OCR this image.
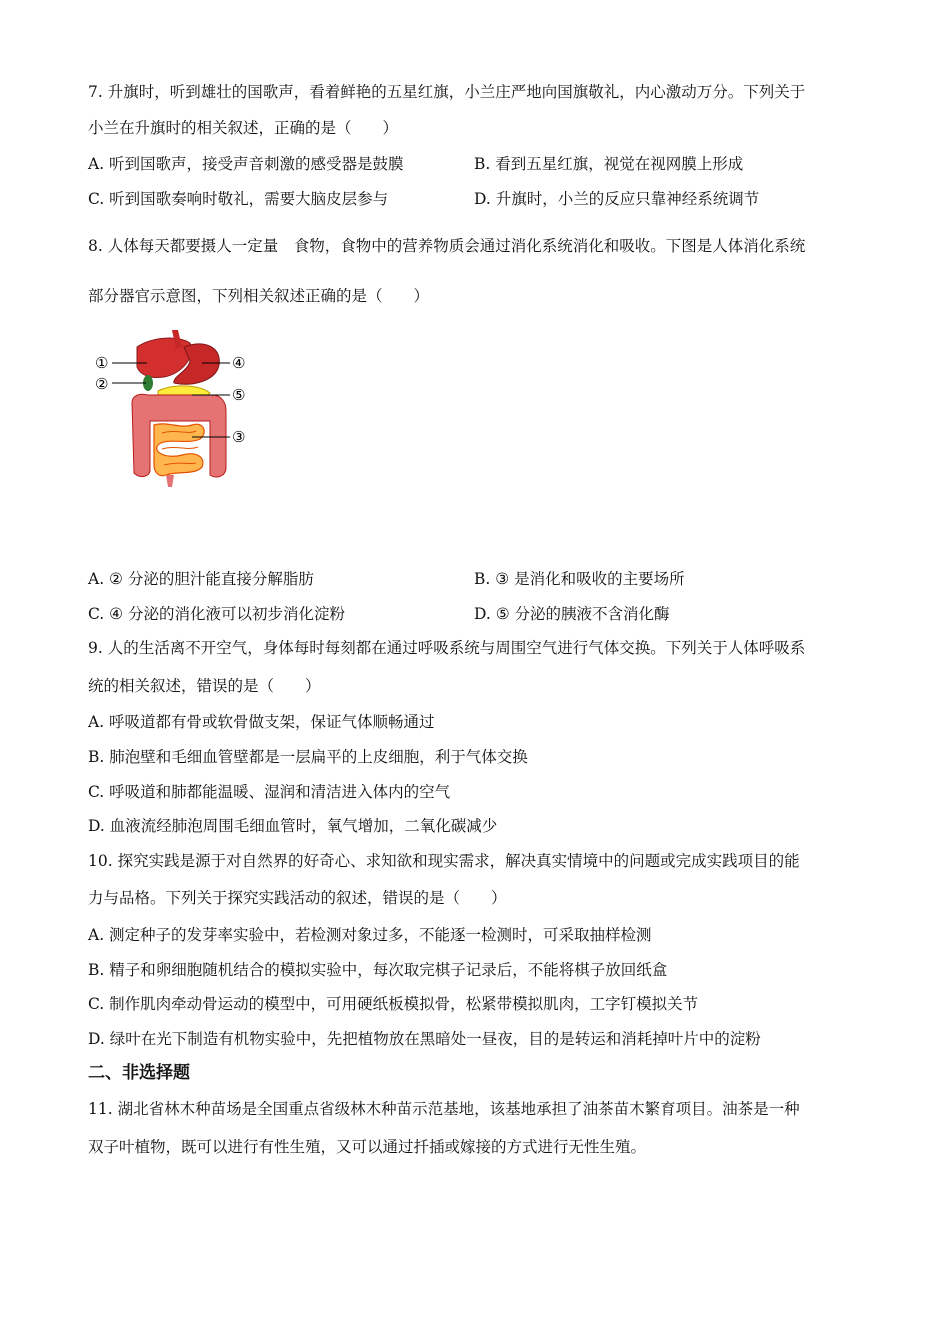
7. 升旗时，听到雄壮的国歌声，看着鲜艳的五星红旗，小兰庄严地向国旗敬礼，内心激动万分。下列关于
小兰在升旗时的相关叙述，正确的是（　　）
A. 听到国歌声，接受声音刺激的感受器是鼓膜	B. 看到五星红旗，视觉在视网膜上形成
C. 听到国歌奏响时敬礼，需要大脑皮层参与	D. 升旗时，小兰的反应只靠神经系统调节
8. 人体每天都要摄人一定量　食物，食物中的营养物质会通过消化系统消化和吸收。下图是人体消化系统
部分器官示意图，下列相关叙述正确的是（　　）
①
②
③
④
⑤
A. ② 分泌的胆汁能直接分解脂肪	B. ③ 是消化和吸收的主要场所
C. ④ 分泌的消化液可以初步消化淀粉	D. ⑤ 分泌的胰液不含消化酶
9. 人的生活离不开空气，身体每时每刻都在通过呼吸系统与周围空气进行气体交换。下列关于人体呼吸系
统的相关叙述，错误的是（　　）
A. 呼吸道都有骨或软骨做支架，保证气体顺畅通过
B. 肺泡壁和毛细血管壁都是一层扁平的上皮细胞，利于气体交换
C. 呼吸道和肺都能温暖、湿润和清洁进入体内的空气
D. 血液流经肺泡周围毛细血管时，氧气增加，二氧化碳减少
10. 探究实践是源于对自然界的好奇心、求知欲和现实需求，解决真实情境中的问题或完成实践项目的能
力与品格。下列关于探究实践活动的叙述，错误的是（　　）
A. 测定种子的发芽率实验中，若检测对象过多，不能逐一检测时，可采取抽样检测
B. 精子和卵细胞随机结合的模拟实验中，每次取完棋子记录后，不能将棋子放回纸盒
C. 制作肌肉牵动骨运动的模型中，可用硬纸板模拟骨，松紧带模拟肌肉，工字钉模拟关节
D. 绿叶在光下制造有机物实验中，先把植物放在黑暗处一昼夜，目的是转运和消耗掉叶片中的淀粉
二、非选择题
11. 湖北省林木种苗场是全国重点省级林木种苗示范基地，该基地承担了油茶苗木繁育项目。油茶是一种
双子叶植物，既可以进行有性生殖，又可以通过扦插或嫁接的方式进行无性生殖。
